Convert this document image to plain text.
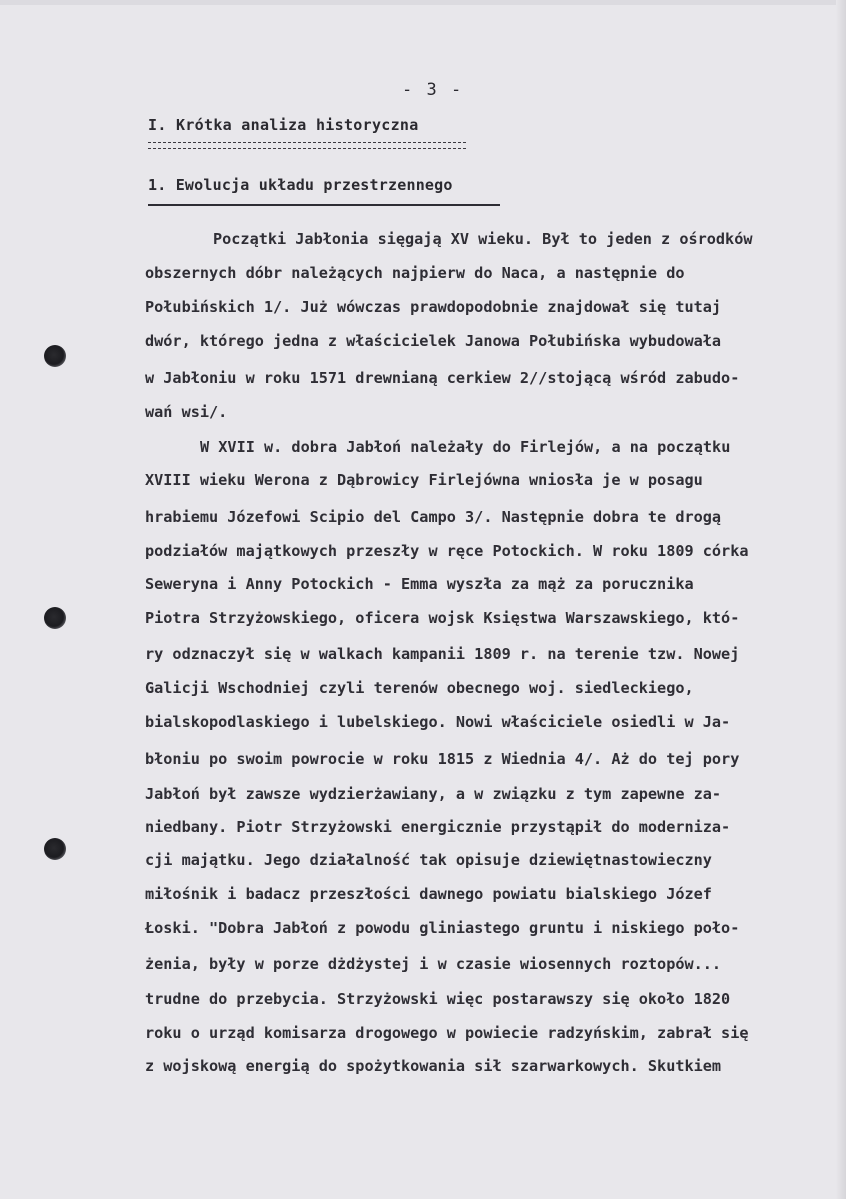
- 3 -
I. Krótka analiza historyczna
1. Ewolucja układu przestrzennego
Początki Jabłonia sięgają XV wieku. Był to jeden z ośrodków
obszernych dóbr należących najpierw do Naca, a następnie do
Połubińskich 1/. Już wówczas prawdopodobnie znajdował się tutaj
dwór, którego jedna z właścicielek Janowa Połubińska wybudowała
w Jabłoniu w roku 1571 drewnianą cerkiew 2//stojącą wśród zabudo-
wań wsi/.
W XVII w. dobra Jabłoń należały do Firlejów, a na początku
XVIII wieku Werona z Dąbrowicy Firlejówna wniosła je w posagu
hrabiemu Józefowi Scipio del Campo 3/. Następnie dobra te drogą
podziałów majątkowych przeszły w ręce Potockich. W roku 1809 córka
Seweryna i Anny Potockich - Emma wyszła za mąż za porucznika
Piotra Strzyżowskiego, oficera wojsk Księstwa Warszawskiego, któ-
ry odznaczył się w walkach kampanii 1809 r. na terenie tzw. Nowej
Galicji Wschodniej czyli terenów obecnego woj. siedleckiego,
bialskopodlaskiego i lubelskiego. Nowi właściciele osiedli w Ja-
błoniu po swoim powrocie w roku 1815 z Wiednia 4/. Aż do tej pory
Jabłoń był zawsze wydzierżawiany, a w związku z tym zapewne za-
niedbany. Piotr Strzyżowski energicznie przystąpił do moderniza-
cji majątku. Jego działalność tak opisuje dziewiętnastowieczny
miłośnik i badacz przeszłości dawnego powiatu bialskiego Józef
Łoski. "Dobra Jabłoń z powodu gliniastego gruntu i niskiego poło-
żenia, były w porze dżdżystej i w czasie wiosennych roztopów...
trudne do przebycia. Strzyżowski więc postarawszy się około 1820
roku o urząd komisarza drogowego w powiecie radzyńskim, zabrał się
z wojskową energią do spożytkowania sił szarwarkowych. Skutkiem
